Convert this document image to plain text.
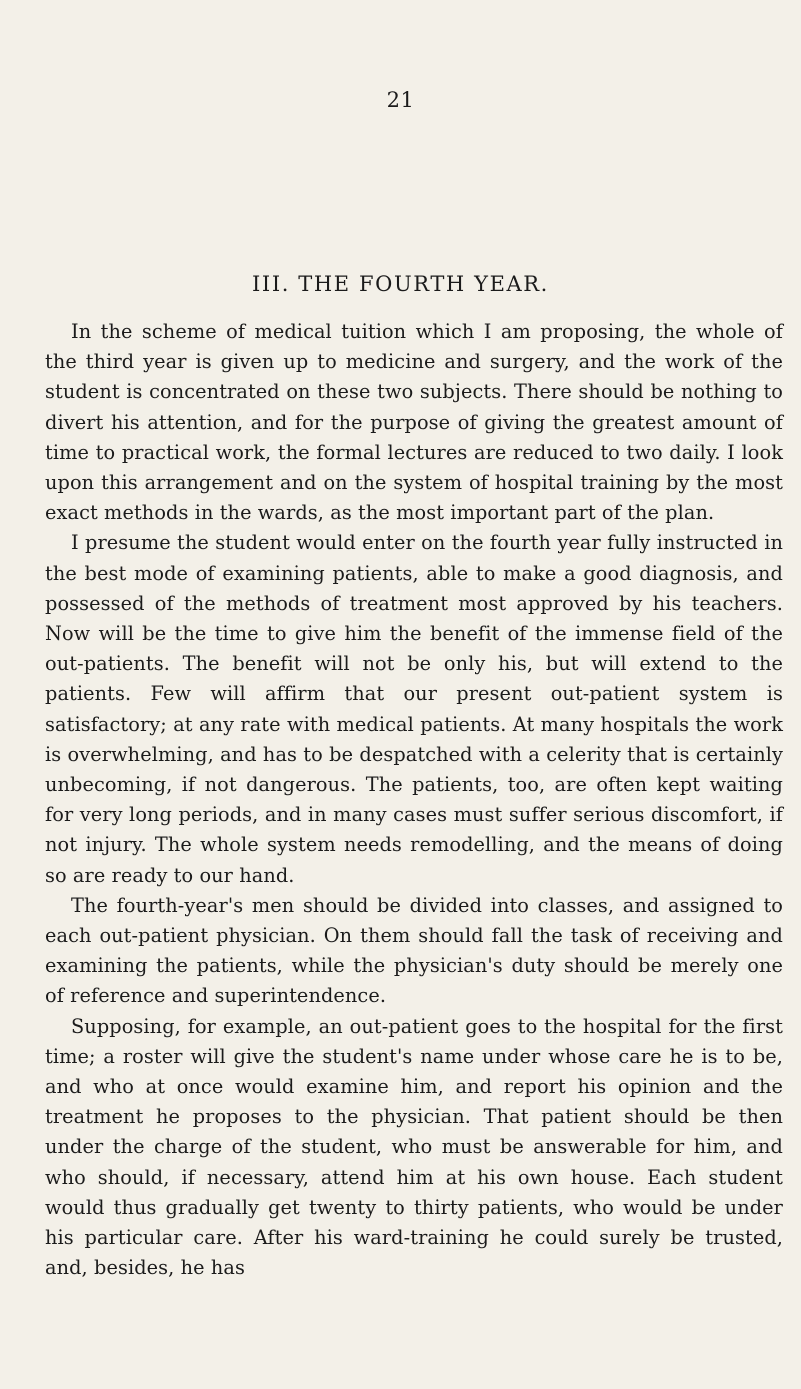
21
III. THE FOURTH YEAR.

In the scheme of medical tuition which I am proposing, the whole of the third year is given up to medicine and surgery, and the work of the student is concentrated on these two subjects. There should be nothing to divert his attention, and for the purpose of giving the greatest amount of time to practical work, the formal lectures are reduced to two daily. I look upon this arrangement and on the system of hospital training by the most exact methods in the wards, as the most important part of the plan.

I presume the student would enter on the fourth year fully instructed in the best mode of examining patients, able to make a good diagnosis, and possessed of the methods of treatment most approved by his teachers. Now will be the time to give him the benefit of the immense field of the out-patients. The benefit will not be only his, but will extend to the patients. Few will affirm that our present out-patient system is satisfactory; at any rate with medical patients. At many hospitals the work is overwhelming, and has to be despatched with a celerity that is certainly unbecoming, if not dangerous. The patients, too, are often kept waiting for very long periods, and in many cases must suffer serious discomfort, if not injury. The whole system needs remodelling, and the means of doing so are ready to our hand.

The fourth-year's men should be divided into classes, and assigned to each out-patient physician. On them should fall the task of receiving and examining the patients, while the physician's duty should be merely one of reference and superintendence.

Supposing, for example, an out-patient goes to the hospital for the first time; a roster will give the student's name under whose care he is to be, and who at once would examine him, and report his opinion and the treatment he proposes to the physician. That patient should be then under the charge of the student, who must be answerable for him, and who should, if necessary, attend him at his own house. Each student would thus gradually get twenty to thirty patients, who would be under his particular care. After his ward-training he could surely be trusted, and, besides, he has
